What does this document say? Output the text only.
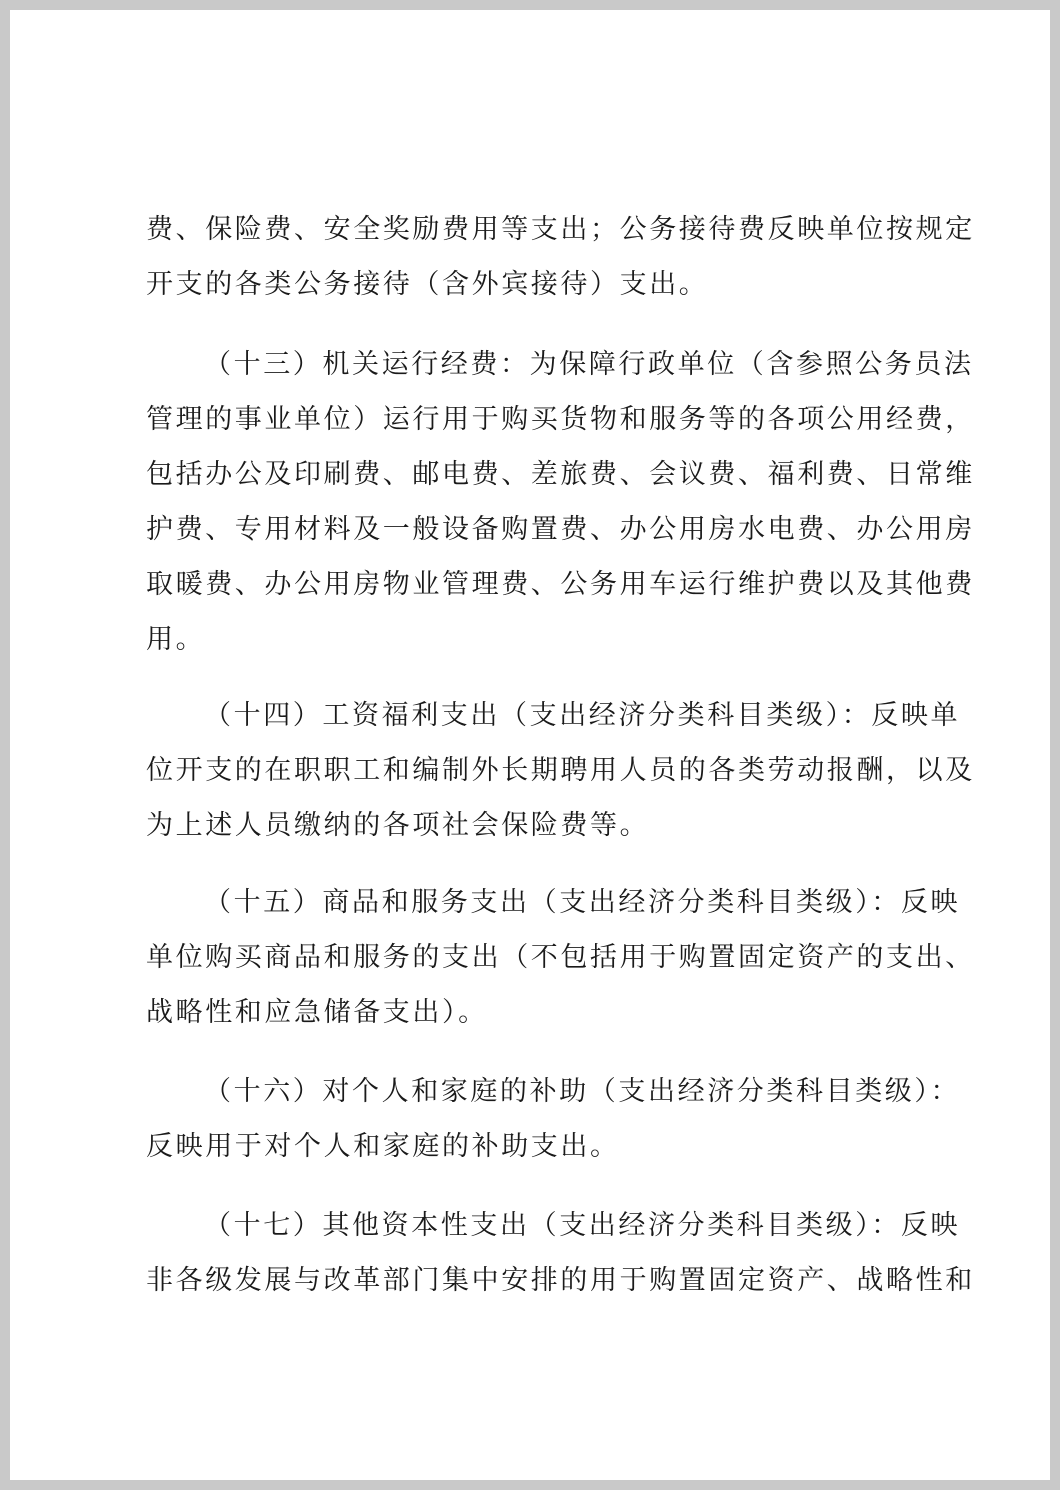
费、保险费、安全奖励费用等支出；公务接待费反映单位按规定
开支的各类公务接待（含外宾接待）支出。
（十三）机关运行经费：为保障行政单位（含参照公务员法
管理的事业单位）运行用于购买货物和服务等的各项公用经费，
包括办公及印刷费、邮电费、差旅费、会议费、福利费、日常维
护费、专用材料及一般设备购置费、办公用房水电费、办公用房
取暖费、办公用房物业管理费、公务用车运行维护费以及其他费
用。
（十四）工资福利支出（支出经济分类科目类级）：反映单
位开支的在职职工和编制外长期聘用人员的各类劳动报酬，以及
为上述人员缴纳的各项社会保险费等。
（十五）商品和服务支出（支出经济分类科目类级）：反映
单位购买商品和服务的支出（不包括用于购置固定资产的支出、
战略性和应急储备支出）。
（十六）对个人和家庭的补助（支出经济分类科目类级）：
反映用于对个人和家庭的补助支出。
（十七）其他资本性支出（支出经济分类科目类级）：反映
非各级发展与改革部门集中安排的用于购置固定资产、战略性和
